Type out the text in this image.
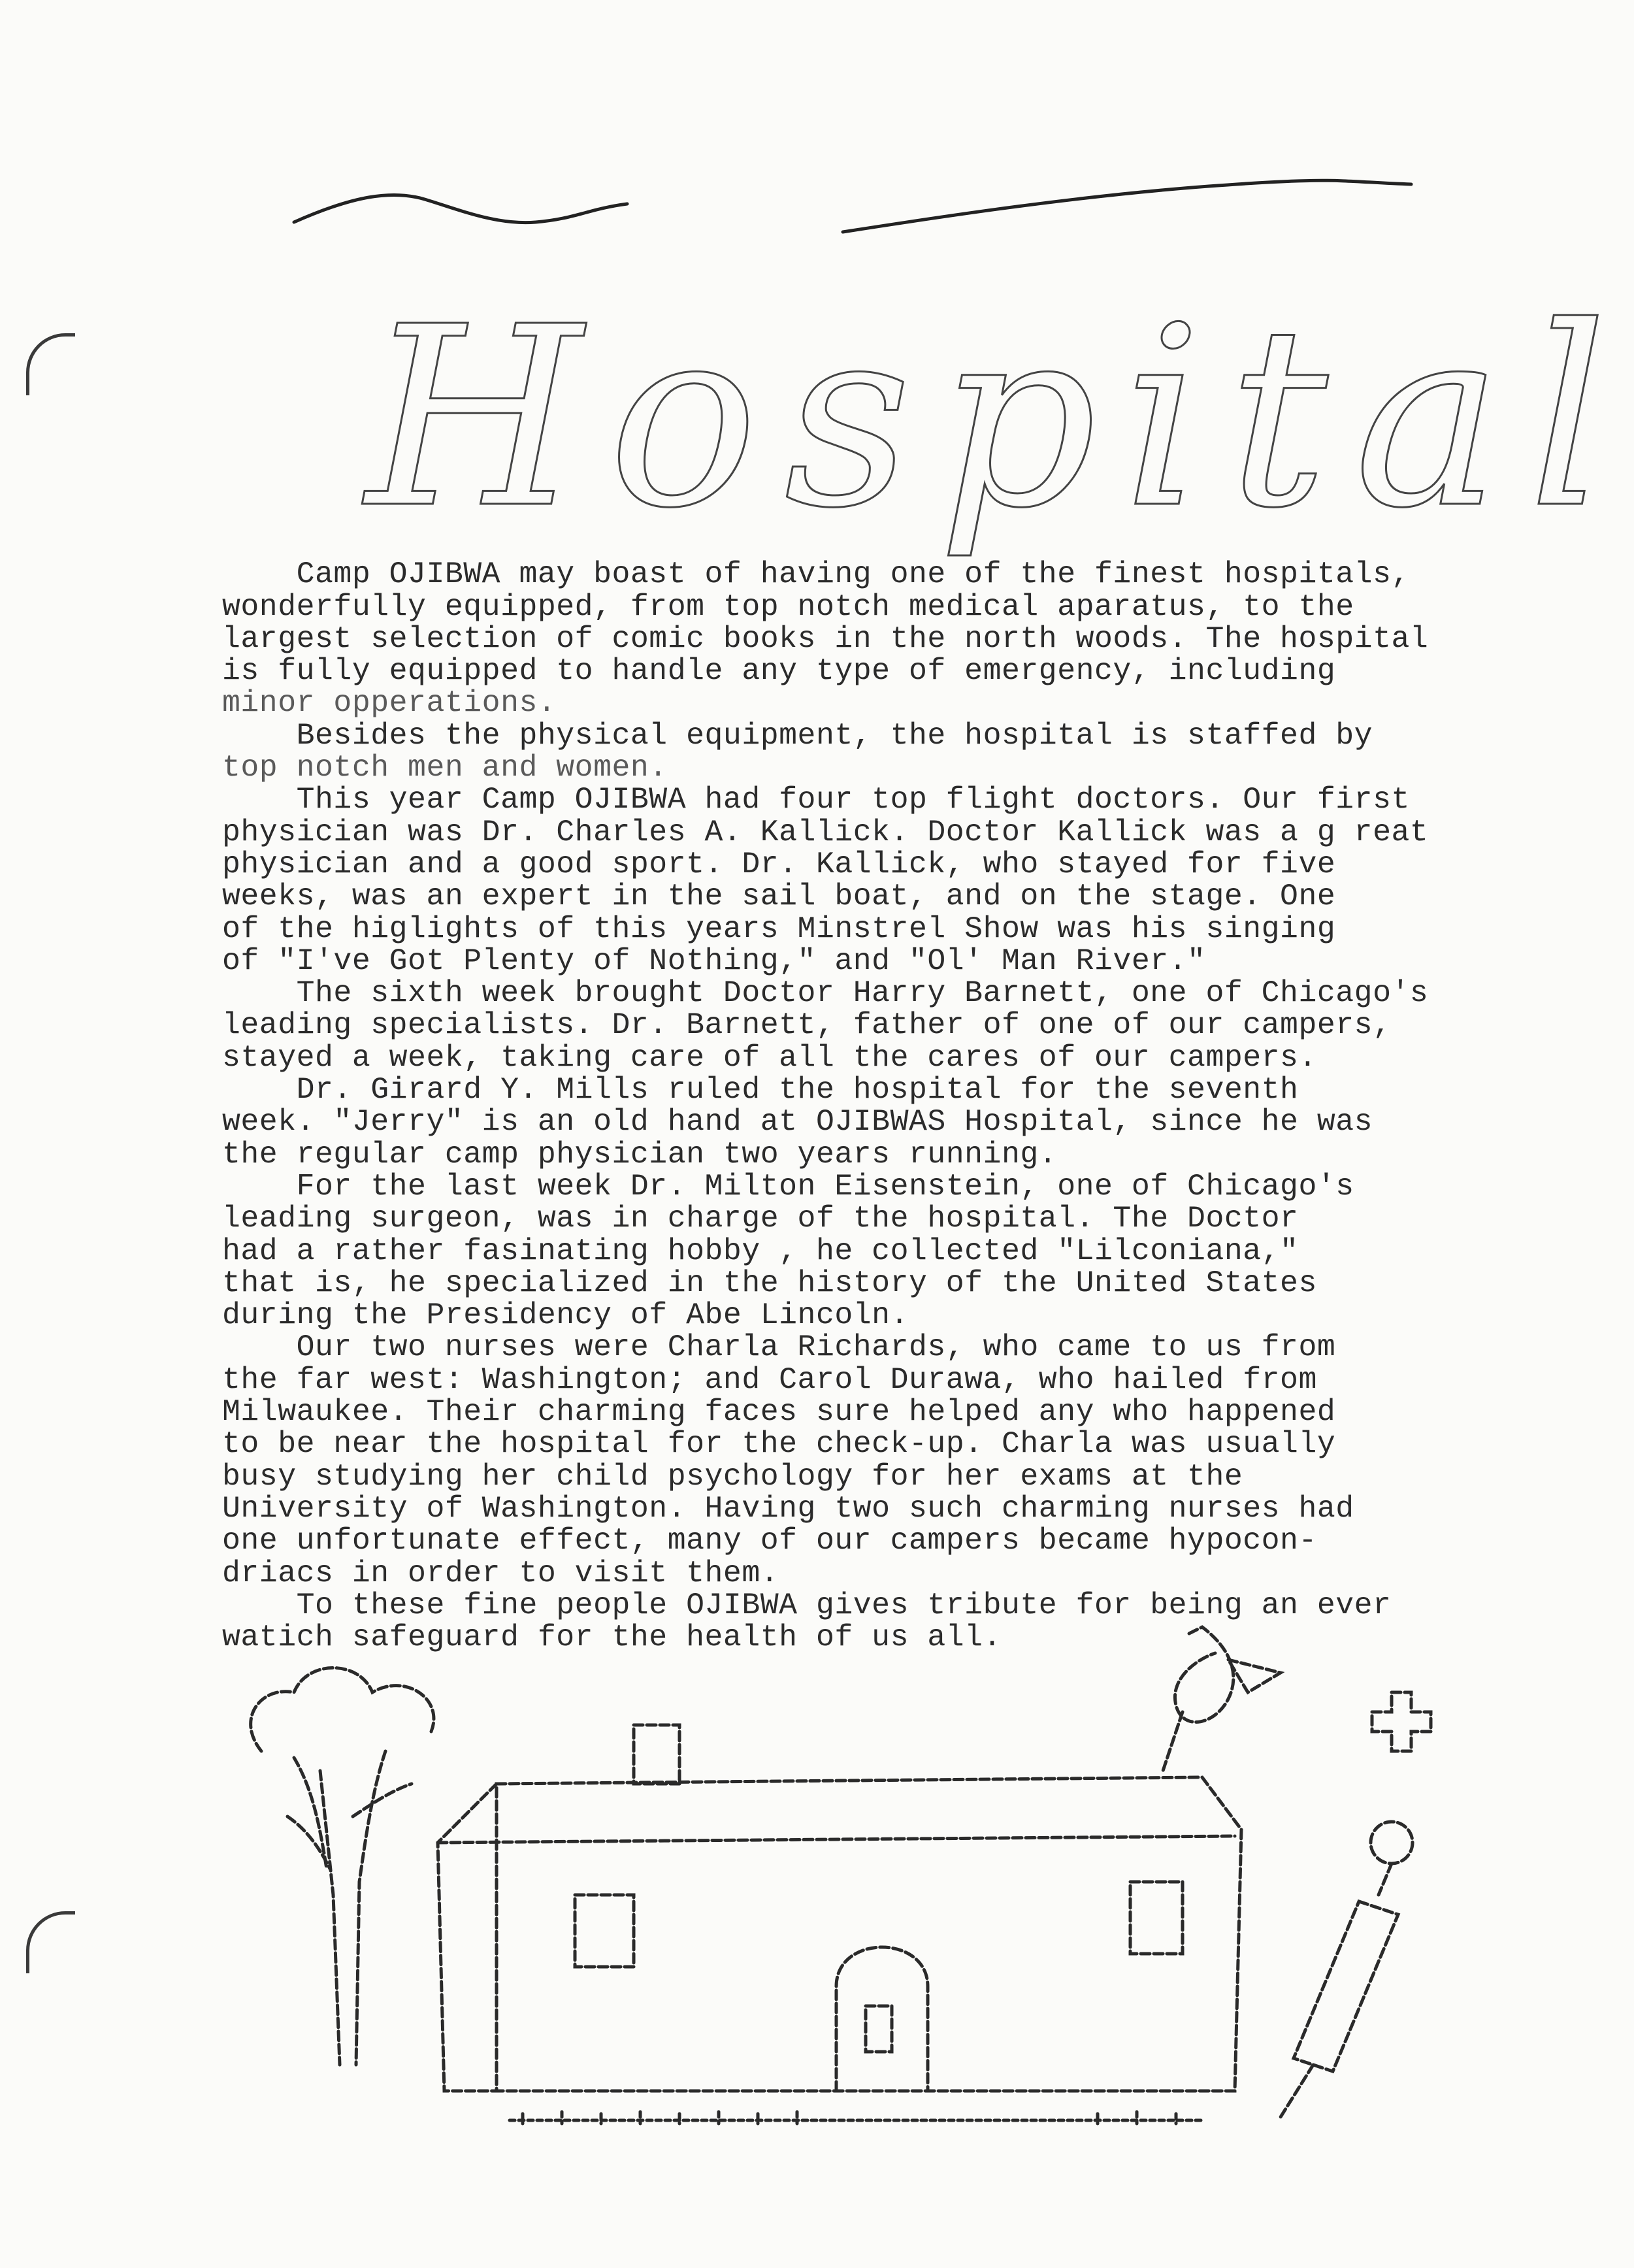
Hospital

Camp OJIBWA may boast of having one of the finest hospitals,
wonderfully equipped, from top notch medical aparatus, to the
largest selection of comic books in the north woods. The hospital
is fully equipped to handle any type of emergency, including
minor opperations.

Besides the physical equipment, the hospital is staffed by
top notch men and women.

This year Camp OJIBWA had four top flight doctors. Our first
physician was Dr. Charles A. Kallick. Doctor Kallick was a g reat
physician and a good sport. Dr. Kallick, who stayed for five
weeks, was an expert in the sail boat, and on the stage. One
of the higlights of this years Minstrel Show was his singing
of "I've Got Plenty of Nothing," and "Ol' Man River."

The sixth week brought Doctor Harry Barnett, one of Chicago's
leading specialists. Dr. Barnett, father of one of our campers,
stayed a week, taking care of all the cares of our campers.

Dr. Girard Y. Mills ruled the hospital for the seventh
week. "Jerry" is an old hand at OJIBWAS Hospital, since he was
the regular camp physician two years running.

For the last week Dr. Milton Eisenstein, one of Chicago's
leading surgeon, was in charge of the hospital. The Doctor
had a rather fasinating hobby , he collected "Lilconiana,"
that is, he specialized in the history of the United States
during the Presidency of Abe Lincoln.

Our two nurses were Charla Richards, who came to us from
the far west: Washington; and Carol Durawa, who hailed from
Milwaukee. Their charming faces sure helped any who happened
to be near the hospital for the check-up. Charla was usually
busy studying her child psychology for her exams at the
University of Washington. Having two such charming nurses had
one unfortunate effect, many of our campers became hypocon-
driacs in order to visit them.

To these fine people OJIBWA gives tribute for being an ever
watich safeguard for the health of us all.
